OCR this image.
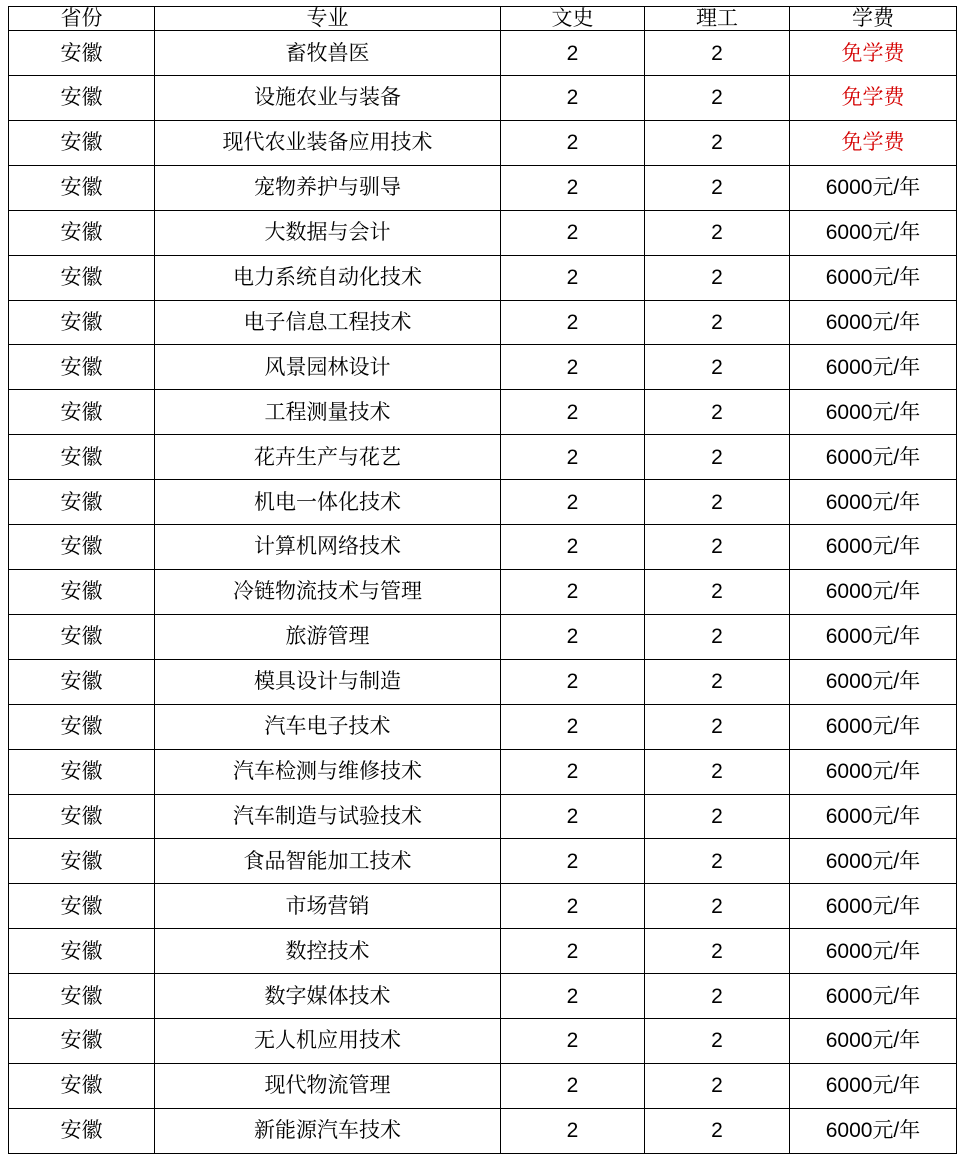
省份	专业	文史	理工	学费
安徽	畜牧兽医	2	2	免学费
安徽	设施农业与装备	2	2	免学费
安徽	现代农业装备应用技术	2	2	免学费
安徽	宠物养护与驯导	2	2	6000元/年
安徽	大数据与会计	2	2	6000元/年
安徽	电力系统自动化技术	2	2	6000元/年
安徽	电子信息工程技术	2	2	6000元/年
安徽	风景园林设计	2	2	6000元/年
安徽	工程测量技术	2	2	6000元/年
安徽	花卉生产与花艺	2	2	6000元/年
安徽	机电一体化技术	2	2	6000元/年
安徽	计算机网络技术	2	2	6000元/年
安徽	冷链物流技术与管理	2	2	6000元/年
安徽	旅游管理	2	2	6000元/年
安徽	模具设计与制造	2	2	6000元/年
安徽	汽车电子技术	2	2	6000元/年
安徽	汽车检测与维修技术	2	2	6000元/年
安徽	汽车制造与试验技术	2	2	6000元/年
安徽	食品智能加工技术	2	2	6000元/年
安徽	市场营销	2	2	6000元/年
安徽	数控技术	2	2	6000元/年
安徽	数字媒体技术	2	2	6000元/年
安徽	无人机应用技术	2	2	6000元/年
安徽	现代物流管理	2	2	6000元/年
安徽	新能源汽车技术	2	2	6000元/年
